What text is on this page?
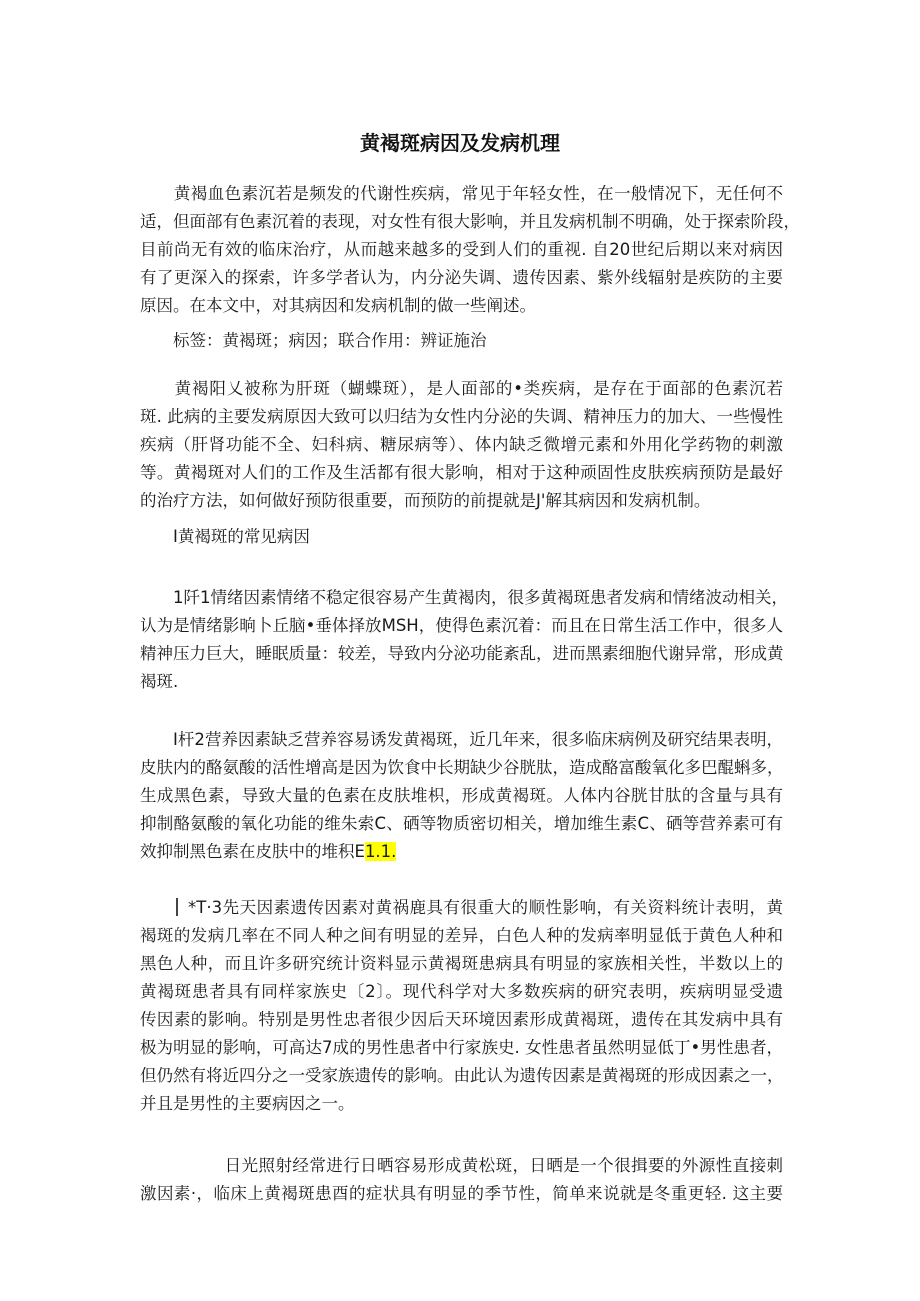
黄褐斑病因及发病机理
　　黄褐血色素沉若是频发的代谢性疾病，常见于年轻女性，在一般情况下，无任何不
适，但面部有色素沉着的表现，对女性有很大影响，并且发病机制不明确，处于探索阶段，
目前尚无有效的临床治疗，从而越来越多的受到人们的重视. 自20世纪后期以来对病因
有了更深入的探索，许多学者认为，内分泌失调、遗传因素、紫外线辐射是疾防的主要
原因。在本文中，对其病因和发病机制的做一些阐述。
　　标签：黄褐斑；病因；联合作用：辨证施治
　　黄褐阳乂被称为肝斑（蝴蝶斑），是人面部的•类疾病，是存在于面部的色素沉若
斑. 此病的主要发病原因大致可以归结为女性内分泌的失调、精神压力的加大、一些慢性
疾病（肝肾功能不全、妇科病、糖尿病等）、体内缺乏微增元素和外用化学药物的刺激
等。黄褐斑对人们的工作及生活都有很大影响，相对于这种顽固性皮肤疾病预防是最好
的治疗方法，如何做好预防很重要，而预防的前提就是J'解其病因和发病机制。
　　I黄褐斑的常见病因
　　1阡1情绪因素情绪不稳定很容易产生黄褐肉，很多黄褐斑患者发病和情绪波动相关，
认为是情绪影晌卜丘脑•垂体择放MSH，使得色素沉着：而且在日常生活工作中，很多人
精神压力巨大，睡眠质量：较差，导致内分泌功能紊乱，进而黑素细胞代谢异常，形成黄
褐斑.
　　I杆2营养因素缺乏营养容易诱发黄褐斑，近几年来，很多临床病例及研究结果表明，
皮肤内的酪氨酸的活性增高是因为饮食中长期缺少谷胱肽，造成酪富酸氧化多巴醌蝌多，
生成黑色素，导致大量的色素在皮肤堆枳，形成黄褐斑。人体内谷胱甘肽的含量与具有
抑制酪氨酸的氧化功能的维朱索C、硒等物质密切相关，增加维生素C、硒等营养素可有
效抑制黑色素在皮肤中的堆积E1.1.
*T·3先天因素遗传因素对黄祸鹿具有很重大的顺性影响，有关资料统计表明，黄
褐斑的发病几率在不同人种之间有明显的差异，白色人种的发病率明显低于黄色人种和
黑色人种，而且许多研究统计资料显示黄褐斑患病具有明显的家族相关性，半数以上的
黄褐斑患者具有同样家族史〔2〕。现代科学对大多数疾病的研究表明，疾病明显受遗
传因素的影响。特别是男性忠者很少因后天环境因素形成黄褐斑，遗传在其发病中具有
极为明显的影响，可高达7成的男性患者中行家族史. 女性患者虽然明显低丁•男性患者，
但仍然有将近四分之一受家族遗传的影响。由此认为遗传因素是黄褐斑的形成因素之一，
并且是男性的主要病因之一。
　　　　　日光照射经常进行日晒容易形成黄松斑，日晒是一个很揖要的外源性直接刺
激因素·，临床上黄褐斑患酉的症状具有明显的季节性，简单来说就是冬重更轻. 这主要
